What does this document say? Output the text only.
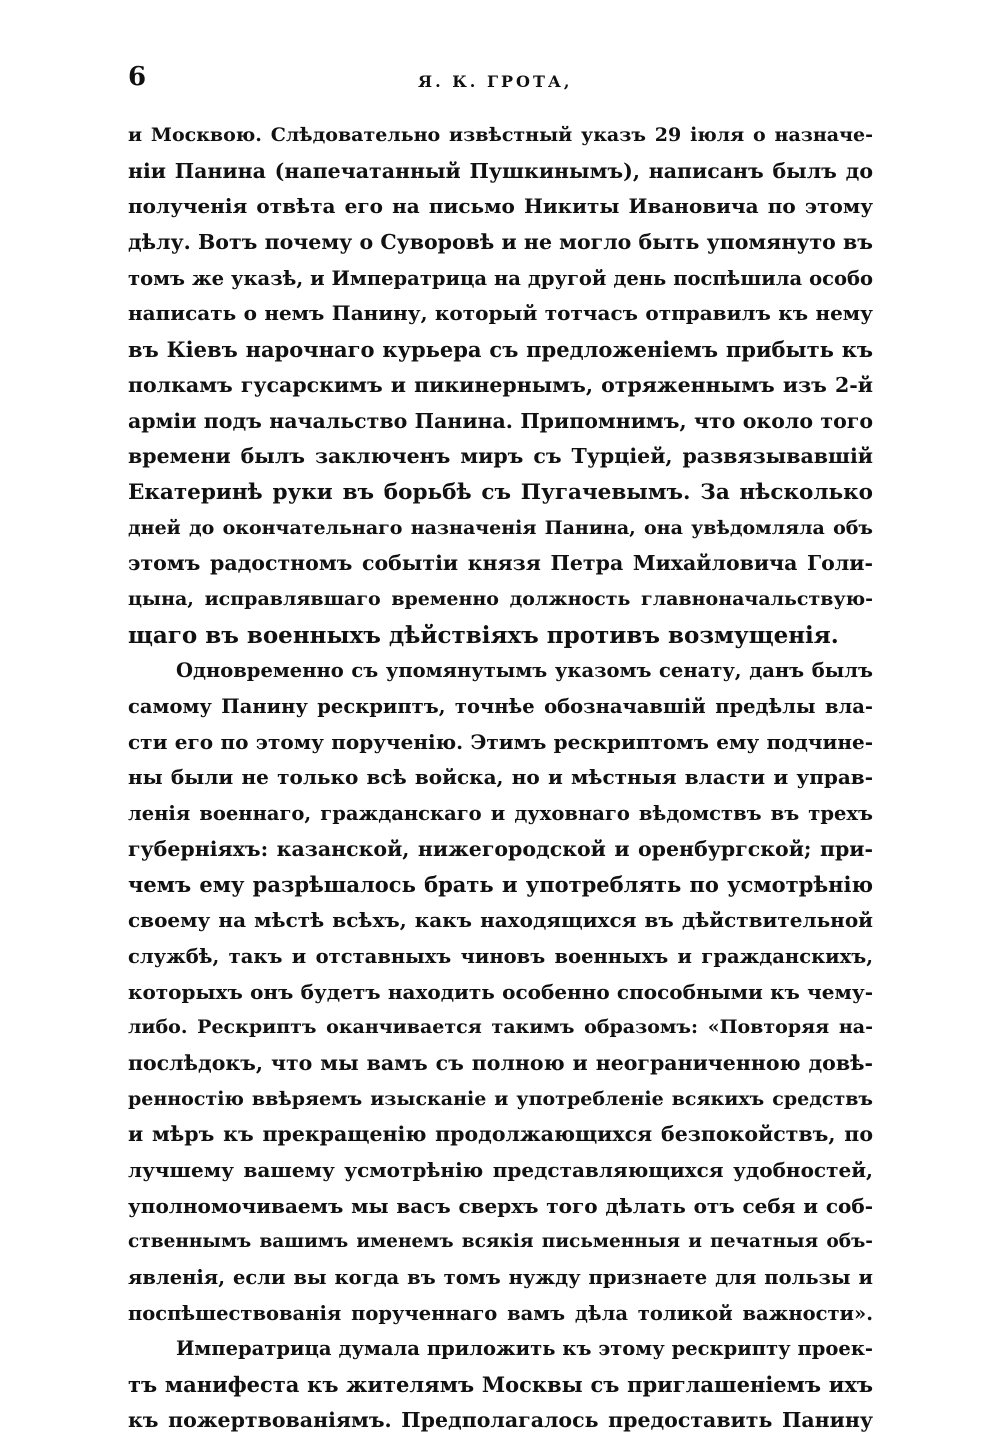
6	Я. К. ГРОТА,
и Москвою. Слѣдовательно извѣстный указъ 29 іюля о назначе-
ніи Панина (напечатанный Пушкинымъ), написанъ былъ до
полученія отвѣта его на письмо Никиты Ивановича по этому
дѣлу. Вотъ почему о Суворовѣ и не могло быть упомянуто въ
томъ же указѣ, и Императрица на другой день поспѣшила особо
написать о немъ Панину, который тотчасъ отправилъ къ нему
въ Кіевъ нарочнаго курьера съ предложеніемъ прибыть къ
полкамъ гусарскимъ и пикинернымъ, отряженнымъ изъ 2-й
арміи подъ начальство Панина. Припомнимъ, что около того
времени былъ заключенъ миръ съ Турціей, развязывавшій
Екатеринѣ руки въ борьбѣ съ Пугачевымъ. За нѣсколько
дней до окончательнаго назначенія Панина, она увѣдомляла объ
этомъ радостномъ событіи князя Петра Михайловича Голи-
цына, исправлявшаго временно должность главноначальствую-
щаго въ военныхъ дѣйствіяхъ противъ возмущенія.
Одновременно съ упомянутымъ указомъ сенату, данъ былъ
самому Панину рескриптъ, точнѣе обозначавшій предѣлы вла-
сти его по этому порученію. Этимъ рескриптомъ ему подчине-
ны были не только всѣ войска, но и мѣстныя власти и управ-
ленія военнаго, гражданскаго и духовнаго вѣдомствъ въ трехъ
губерніяхъ: казанской, нижегородской и оренбургской; при-
чемъ ему разрѣшалось брать и употреблять по усмотрѣнію
своему на мѣстѣ всѣхъ, какъ находящихся въ дѣйствительной
службѣ, такъ и отставныхъ чиновъ военныхъ и гражданскихъ,
которыхъ онъ будетъ находить особенно способными къ чему-
либо. Рескриптъ оканчивается такимъ образомъ: «Повторяя на-
послѣдокъ, что мы вамъ съ полною и неограниченною довѣ-
ренностію ввѣряемъ изысканіе и употребленіе всякихъ средствъ
и мѣръ къ прекращенію продолжающихся безпокойствъ, по
лучшему вашему усмотрѣнію представляющихся удобностей,
уполномочиваемъ мы васъ сверхъ того дѣлать отъ себя и соб-
ственнымъ вашимъ именемъ всякія письменныя и печатныя объ-
явленія, если вы когда въ томъ нужду признаете для пользы и
поспѣшествованія порученнаго вамъ дѣла толикой важности».
Императрица думала приложить къ этому рескрипту проек-
тъ манифеста къ жителямъ Москвы съ приглашеніемъ ихъ
къ пожертвованіямъ. Предполагалось предоставить Панину
